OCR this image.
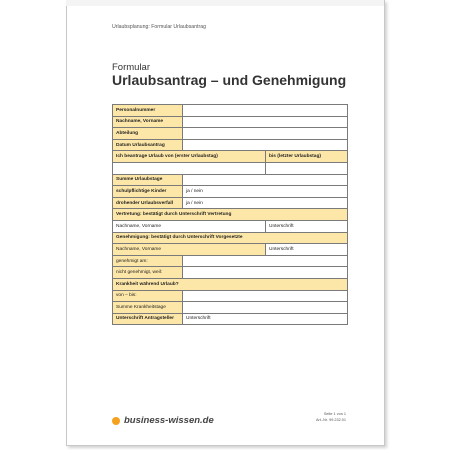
Urlaubsplanung: Formular Urlaubsantrag
Formular
Urlaubsantrag – und Genehmigung
Personalnummer		
Nachname, Vorname		
Abteilung		
Datum Urlaubsantrag		
Ich beantrage Urlaub von (erster Urlaubstag)		bis (letzter Urlaubstag)

Summe Urlaubstage		
schulpflichtige Kinder	ja / nein	
drohender Urlaubsverfall	ja / nein	
Vertretung: bestätigt durch Unterschrift Vertretung		
Nachname, Vorname		Unterschrift
Genehmigung: bestätigt durch Unterschrift Vorgesetzte		
Nachname, Vorname		Unterschrift
genehmigt am:		
nicht genehmigt, weil:		
Krankheit während Urlaub?		
von – bis:		
Summe Krankheitstage		
Unterschrift Antragsteller	Unterschrift	
business-wissen.de
Seite 1 von 1
Art.-Nr. 99.232.01
